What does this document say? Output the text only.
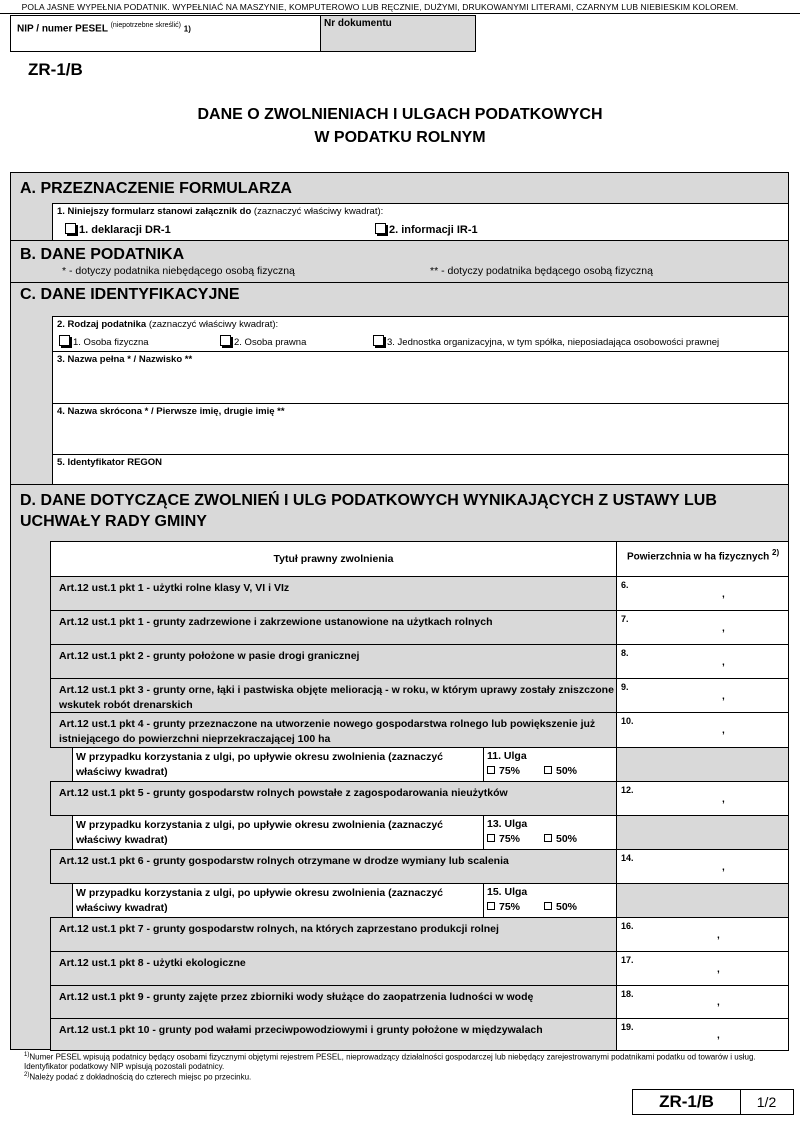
POLA JASNE WYPEŁNIA PODATNIK. WYPEŁNIAĆ NA MASZYNIE, KOMPUTEROWO LUB RĘCZNIE, DUŻYMI, DRUKOWANYMI LITERAMI, CZARNYM LUB NIEBIESKIM KOLOREM.
NIP / numer PESEL $^{(niepotrzebne skreślić)}$ 1)	Nr dokumentu
ZR-1/B
DANE O ZWOLNIENIACH I ULGACH PODATKOWYCH
W PODATKU ROLNYM
A. PRZEZNACZENIE FORMULARZA
1. Niniejszy formularz stanowi załącznik do (zaznaczyć właściwy kwadrat):
1. deklaracji DR-1	2. informacji IR-1
B. DANE PODATNIKA
* - dotyczy podatnika niebędącego osobą fizyczną	** - dotyczy podatnika będącego osobą fizyczną
C. DANE IDENTYFIKACYJNE
2. Rodzaj podatnika (zaznaczyć właściwy kwadrat):
1. Osoba fizyczna	2. Osoba prawna	3. Jednostka organizacyjna, w tym spółka, nieposiadająca osobowości prawnej
3. Nazwa pełna * / Nazwisko **
4. Nazwa skrócona * / Pierwsze imię, drugie imię **
5. Identyfikator REGON
D. DANE DOTYCZĄCE ZWOLNIEŃ I ULG PODATKOWYCH WYNIKAJĄCYCH Z USTAWY LUB
UCHWAŁY RADY GMINY
Tytuł prawny zwolnienia	Powierzchnia w ha fizycznych $^{2)}$
Art.12 ust.1 pkt 1 - użytki rolne klasy V, VI i VIz	6.
,
Art.12 ust.1 pkt 1 - grunty zadrzewione i zakrzewione ustanowione na użytkach rolnych	7.
,
Art.12 ust.1 pkt 2 - grunty położone w pasie drogi granicznej	8.
,
Art.12 ust.1 pkt 3 - grunty orne, łąki i pastwiska objęte melioracją - w roku, w którym uprawy zostały zniszczone wskutek robót drenarskich
9.
,
Art.12 ust.1 pkt 4 - grunty przeznaczone na utworzenie nowego gospodarstwa rolnego lub powiększenie już istniejącego do powierzchni nieprzekraczającej 100 ha
10.
,
W przypadku korzystania z ulgi, po upływie okresu zwolnienia (zaznaczyć właściwy kwadrat)
11. Ulga
75%	50%
Art.12 ust.1 pkt 5 - grunty gospodarstw rolnych powstałe z zagospodarowania nieużytków	12.
,
W przypadku korzystania z ulgi, po upływie okresu zwolnienia (zaznaczyć właściwy kwadrat)
13. Ulga
75%	50%
Art.12 ust.1 pkt 6 - grunty gospodarstw rolnych otrzymane w drodze wymiany lub scalenia	14.
,
W przypadku korzystania z ulgi, po upływie okresu zwolnienia (zaznaczyć właściwy kwadrat)
15. Ulga
75%	50%
Art.12 ust.1 pkt 7 - grunty gospodarstw rolnych, na których zaprzestano produkcji rolnej	16.
,
Art.12 ust.1 pkt 8 - użytki ekologiczne	17.
,
Art.12 ust.1 pkt 9 - grunty zajęte przez zbiorniki wody służące do zaopatrzenia ludności w wodę	18.
,
Art.12 ust.1 pkt 10 - grunty pod wałami przeciwpowodziowymi i grunty położone w międzywalach	19.
,
$^{1)}$Numer PESEL wpisują podatnicy będący osobami fizycznymi objętymi rejestrem PESEL, nieprowadzący działalności gospodarczej lub niebędący zarejestrowanymi podatnikami podatku od towarów i usług. Identyfikator podatkowy NIP wpisują pozostali podatnicy.
$^{2)}$Należy podać z dokładnością do czterech miejsc po przecinku.
ZR-1/B	1/2
